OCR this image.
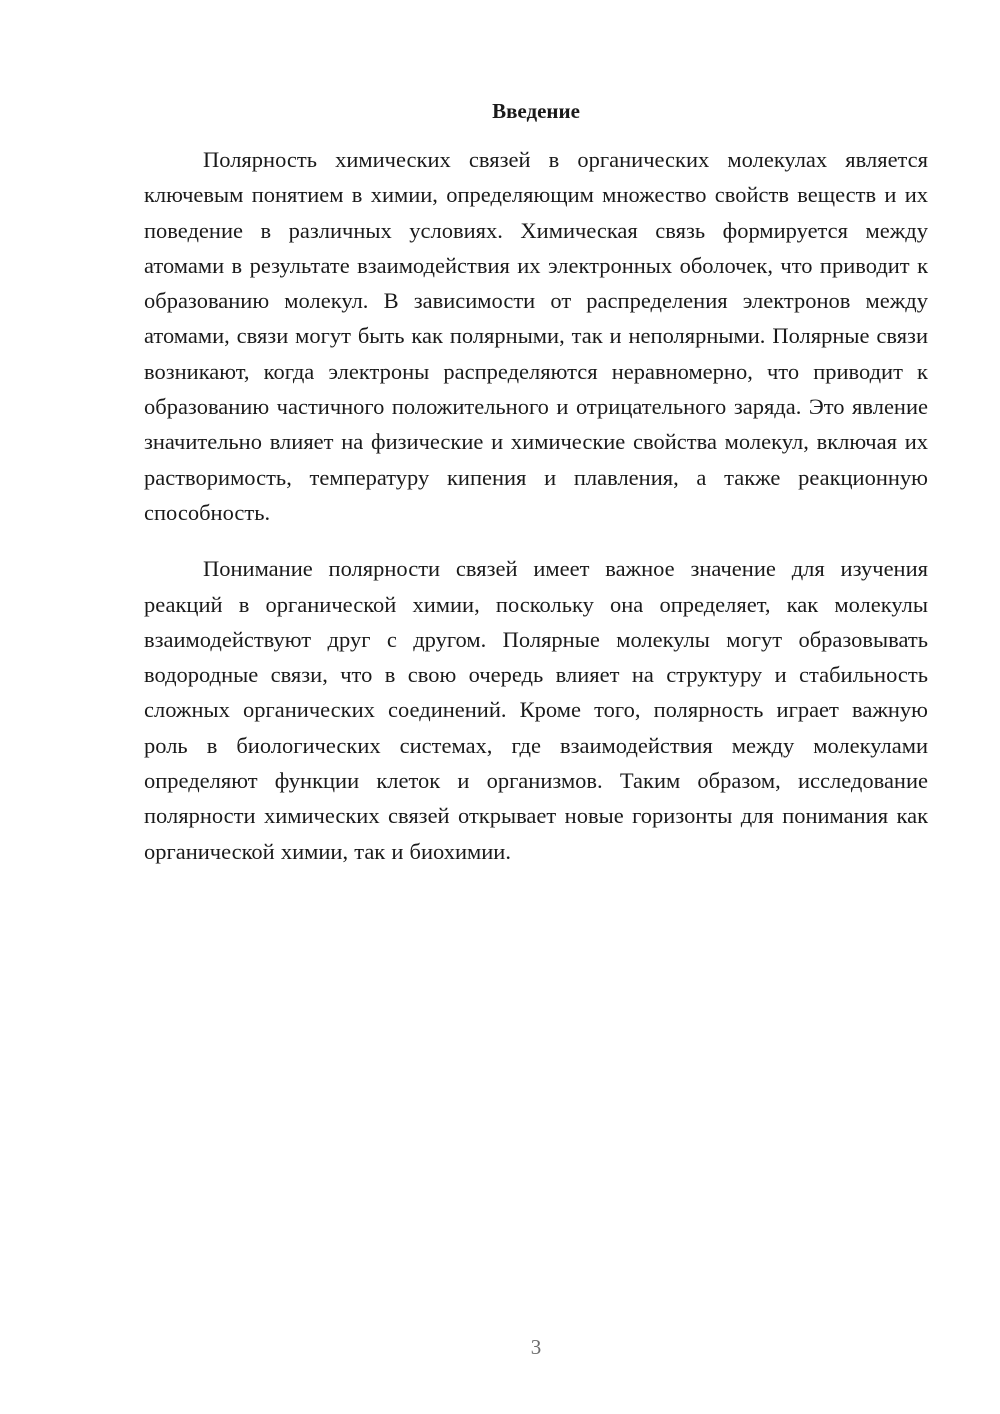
Введение

Полярность химических связей в органических молекулах является ключевым понятием в химии, определяющим множество свойств веществ и их поведение в различных условиях. Химическая связь формируется между атомами в результате взаимодействия их электронных оболочек, что приводит к образованию молекул. В зависимости от распределения электронов между атомами, связи могут быть как полярными, так и неполярными. Полярные связи возникают, когда электроны распределяются неравномерно, что приводит к образованию частичного положительного и отрицательного заряда. Это явление значительно влияет на физические и химические свойства молекул, включая их растворимость, температуру кипения и плавления, а также реакционную способность.

Понимание полярности связей имеет важное значение для изучения реакций в органической химии, поскольку она определяет, как молекулы взаимодействуют друг с другом. Полярные молекулы могут образовывать водородные связи, что в свою очередь влияет на структуру и стабильность сложных органических соединений. Кроме того, полярность играет важную роль в биологических системах, где взаимодействия между молекулами определяют функции клеток и организмов. Таким образом, исследование полярности химических связей открывает новые горизонты для понимания как органической химии, так и биохимии.

3
